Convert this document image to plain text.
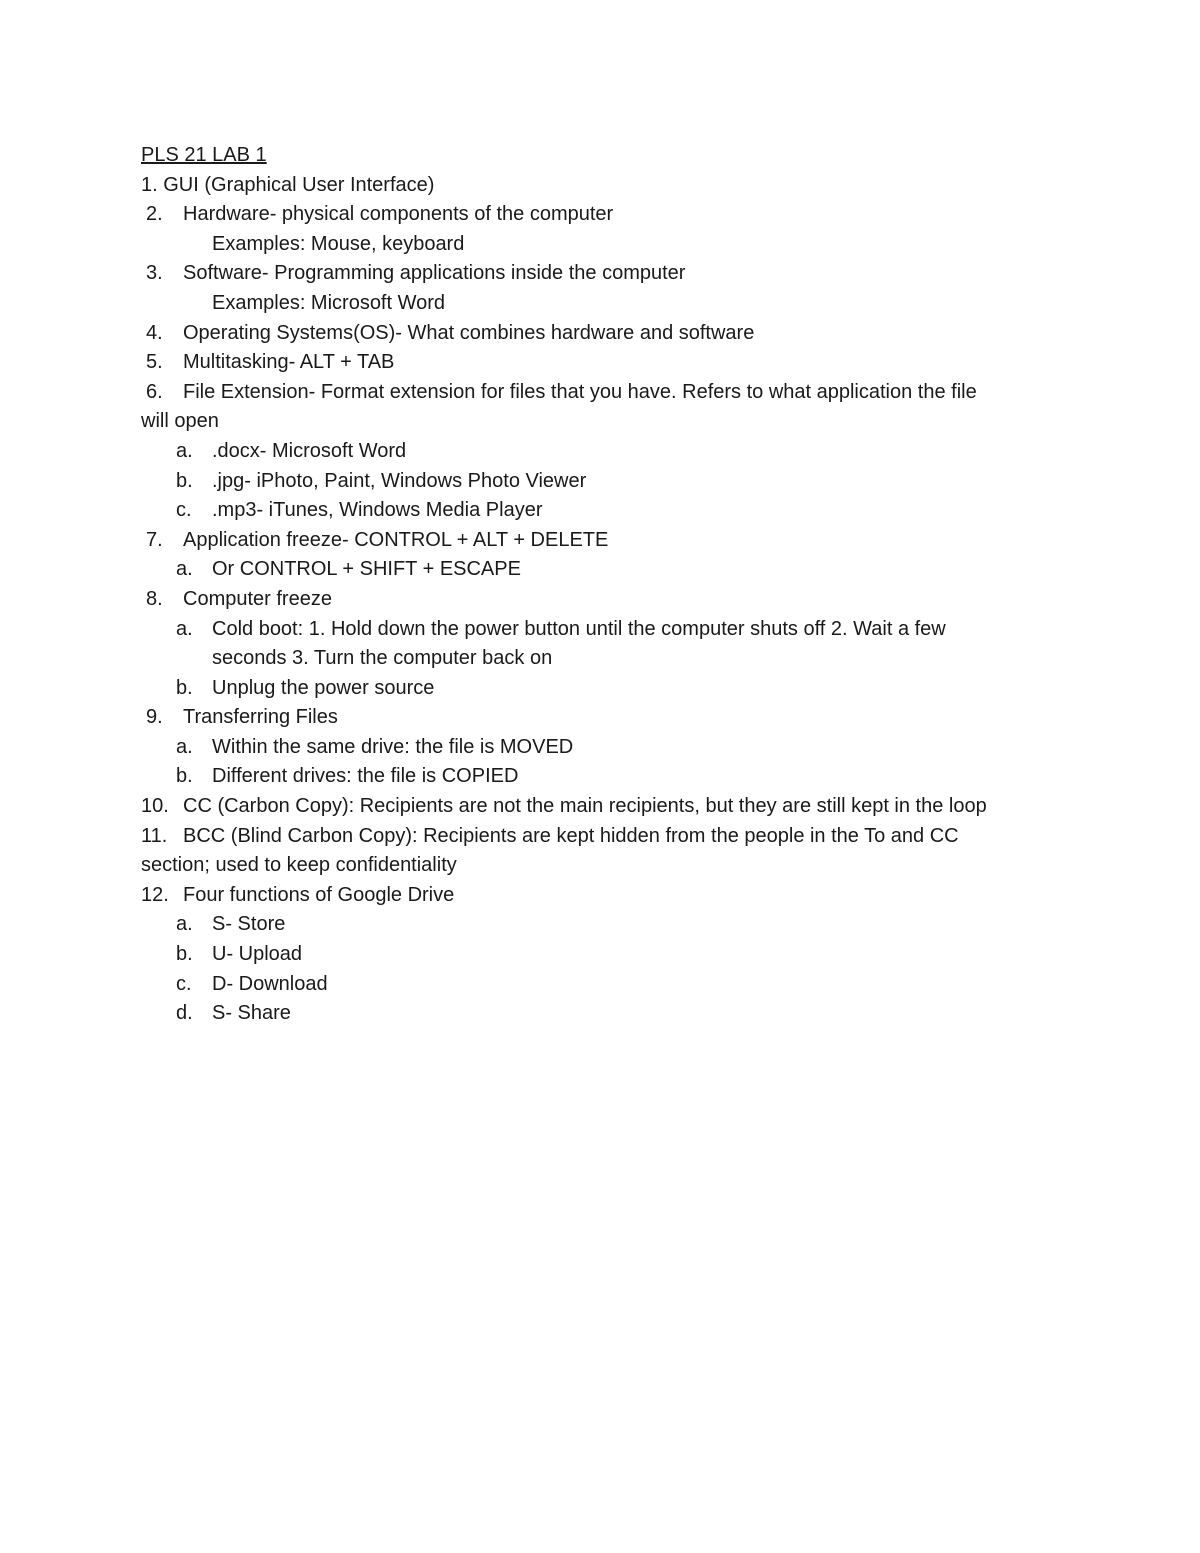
PLS 21 LAB 1
1. GUI (Graphical User Interface)
2. Hardware- physical components of the computer
Examples: Mouse, keyboard
3. Software- Programming applications inside the computer
Examples: Microsoft Word
4. Operating Systems(OS)- What combines hardware and software
5. Multitasking- ALT + TAB
6. File Extension- Format extension for files that you have. Refers to what application the file
will open
a. .docx- Microsoft Word
b. .jpg- iPhoto, Paint, Windows Photo Viewer
c. .mp3- iTunes, Windows Media Player
7. Application freeze- CONTROL + ALT + DELETE
a. Or CONTROL + SHIFT + ESCAPE
8. Computer freeze
a. Cold boot: 1. Hold down the power button until the computer shuts off 2. Wait a few
seconds 3. Turn the computer back on
b. Unplug the power source
9. Transferring Files
a. Within the same drive: the file is MOVED
b. Different drives: the file is COPIED
10. CC (Carbon Copy): Recipients are not the main recipients, but they are still kept in the loop
11. BCC (Blind Carbon Copy): Recipients are kept hidden from the people in the To and CC
section; used to keep confidentiality
12. Four functions of Google Drive
a. S- Store
b. U- Upload
c. D- Download
d. S- Share
